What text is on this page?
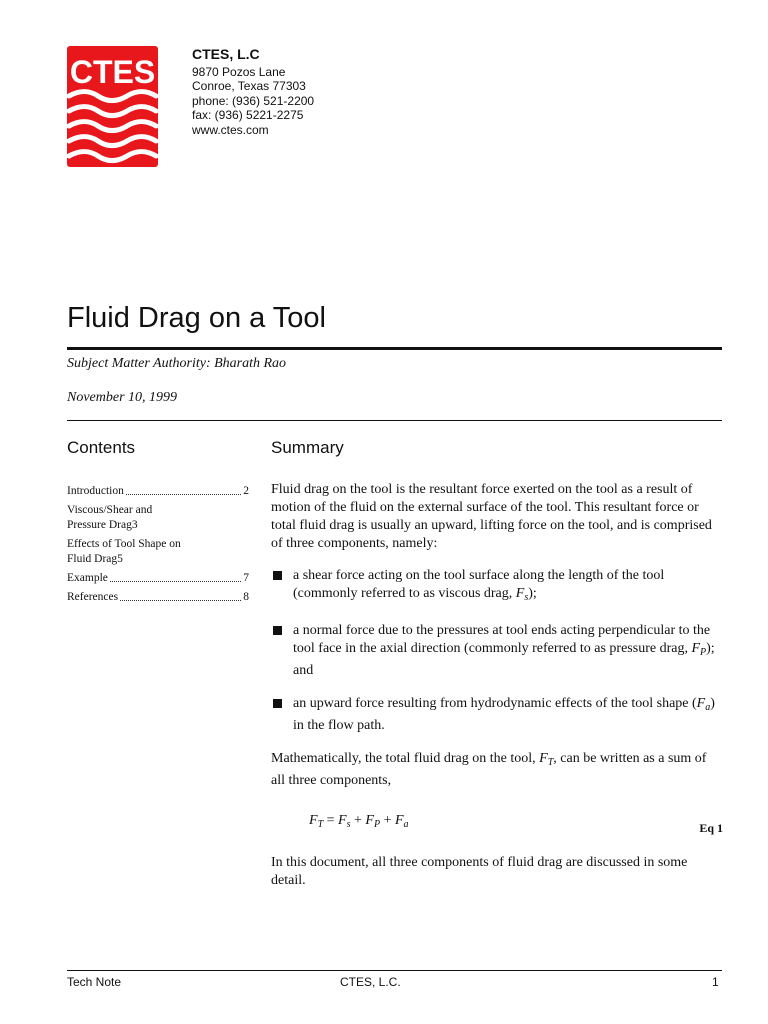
CTES	CTES, L.C
9870 Pozos Lane
Conroe, Texas 77303
phone: (936) 521-2200
fax: (936) 5221-2275
www.ctes.com
Fluid Drag on a Tool
Subject Matter Authority: Bharath Rao
November 10, 1999
Contents	Summary
Introduction	2
Viscous/Shear and
Pressure Drag 3
Effects of Tool Shape on
Fluid Drag 5
Example	7
References	8

Fluid drag on the tool is the resultant force exerted on the tool as a result of motion of the fluid on the external surface of the tool. This resultant force or total fluid drag is usually an upward, lifting force on the tool, and is comprised of three components, namely:

a shear force acting on the tool surface along the length of the tool (commonly referred to as viscous drag, $F_s$);
a normal force due to the pressures at tool ends acting perpendicular to the tool face in the axial direction (commonly referred to as pressure drag, $F_P$); and
an upward force resulting from hydrodynamic effects of the tool shape $(F_a)$ in the flow path.

Mathematically, the total fluid drag on the tool, $F_T$, can be written as a sum of all three components,

$F_T = F_s + F_P + F_a$	Eq 1

In this document, all three components of fluid drag are discussed in some detail.

Tech Note	CTES, L.C.	1
